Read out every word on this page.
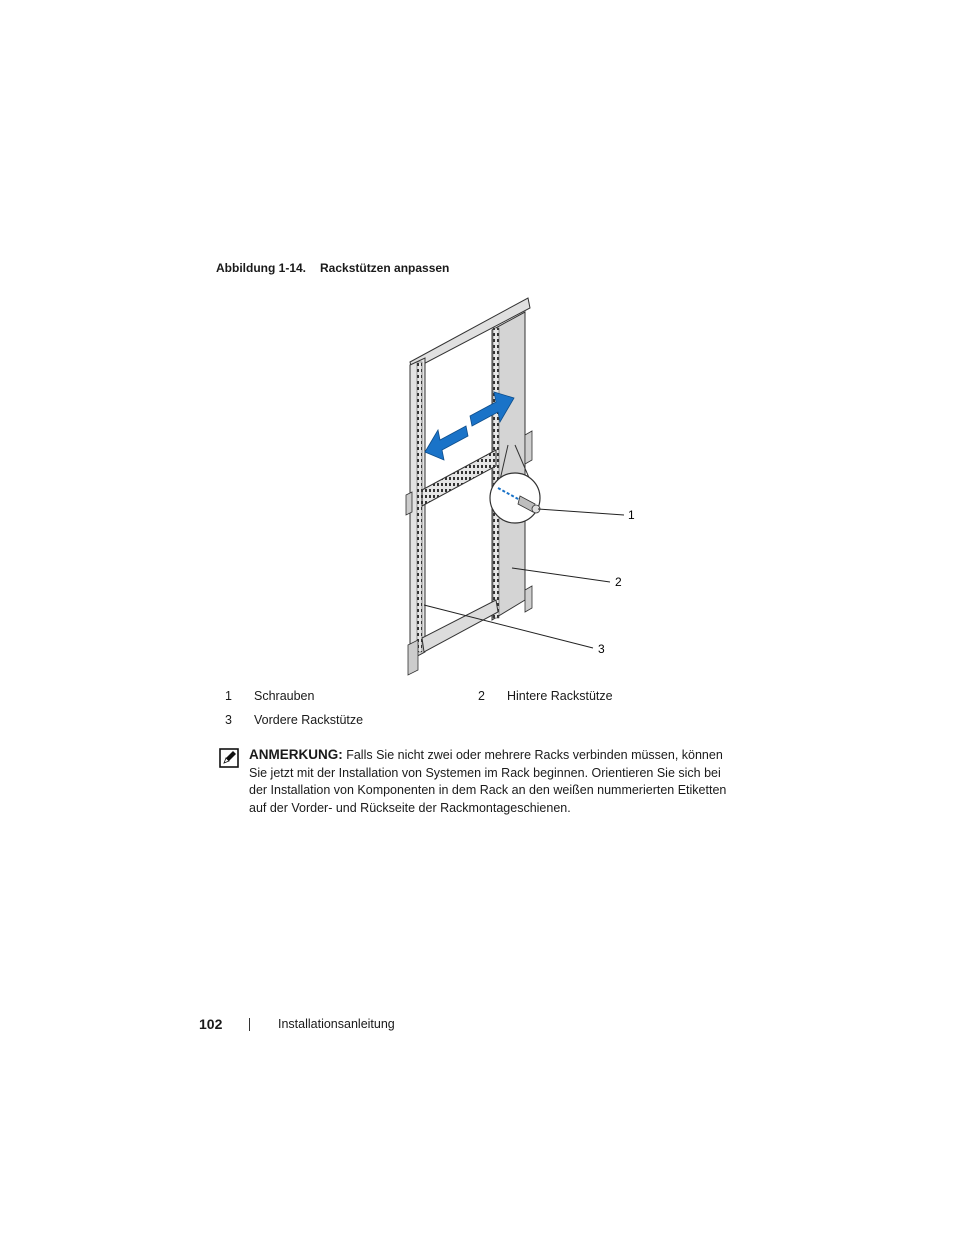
Abbildung 1-14. Rackstützen anpassen
1
2
3
1 Schrauben	2 Hintere Rackstütze
3 Vordere Rackstütze
ANMERKUNG: Falls Sie nicht zwei oder mehrere Racks verbinden müssen, können Sie jetzt mit der Installation von Systemen im Rack beginnen. Orientieren Sie sich bei der Installation von Komponenten in dem Rack an den weißen nummerierten Etiketten auf der Vorder- und Rückseite der Rackmontageschienen.
102	Installationsanleitung
